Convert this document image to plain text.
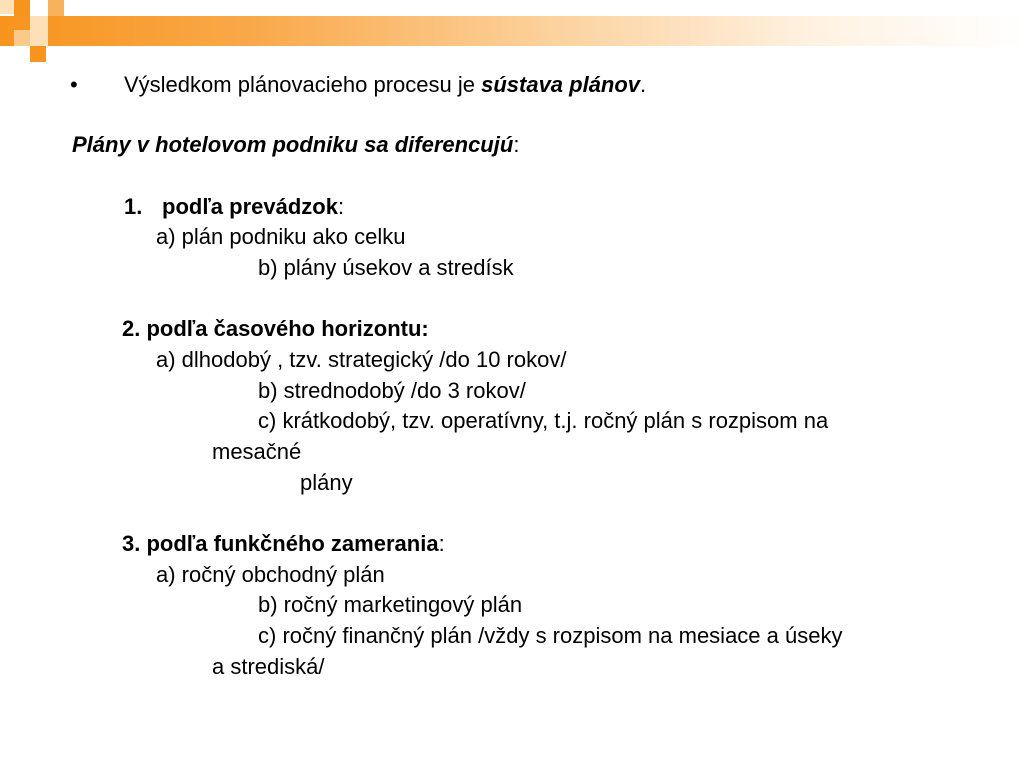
• Výsledkom plánovacieho procesu je sústava plánov.
Plány v hotelovom podniku sa diferencujú:
1. podľa prevádzok:
a) plán podniku ako celku
b) plány úsekov a stredísk
2. podľa časového horizontu:
a) dlhodobý , tzv. strategický /do 10 rokov/
b) strednodobý /do 3 rokov/
c) krátkodobý, tzv. operatívny, t.j. ročný plán s rozpisom na
mesačné
plány
3. podľa funkčného zamerania:
a) ročný obchodný plán
b) ročný marketingový plán
c) ročný finančný plán /vždy s rozpisom na mesiace a úseky
a strediská/
